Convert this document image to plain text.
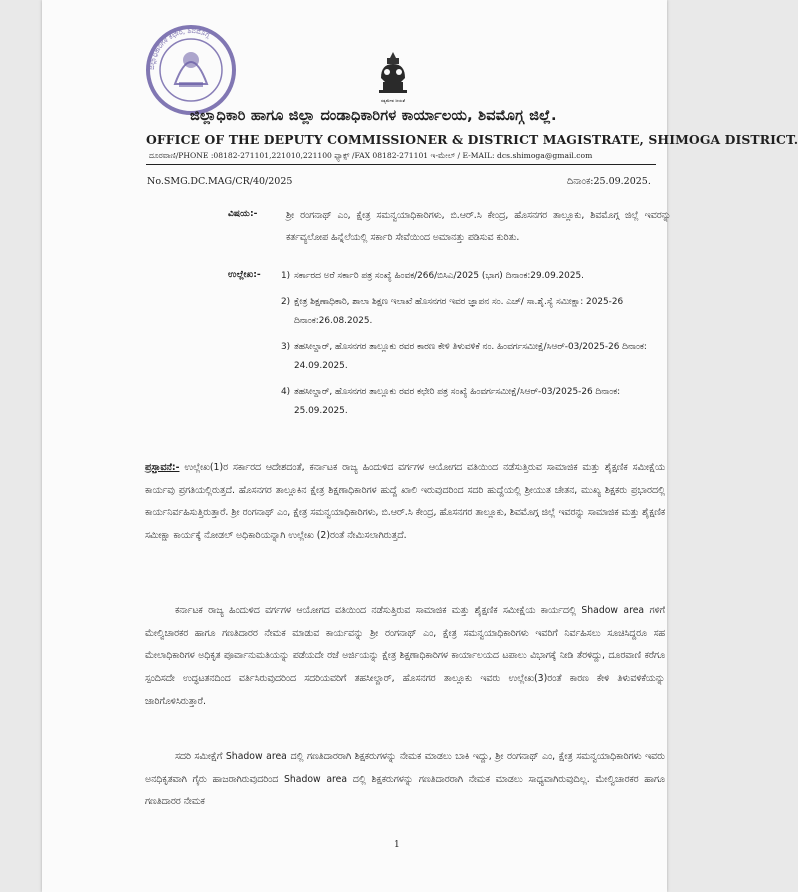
ಜಿಲ್ಲಾಧಿಕಾರಿಗಳ ಕಛೇರಿ, ಶಿವಮೊಗ್ಗ
ಸತ್ಯಮೇವ ಜಯತೆ
ಜಿಲ್ಲಾಧಿಕಾರಿ ಹಾಗೂ ಜಿಲ್ಲಾ ದಂಡಾಧಿಕಾರಿಗಳ ಕಾರ್ಯಾಲಯ, ಶಿವಮೊಗ್ಗ ಜಿಲ್ಲೆ.
OFFICE OF THE DEPUTY COMMISSIONER & DISTRICT MAGISTRATE, SHIMOGA DISTRICT.
ದೂರವಾಣಿ/PHONE :08182-271101,221010,221100 ಫ್ಯಾಕ್ಸ್ /FAX 08182-271101 ಇ-ಮೇಲ್ / E-MAIL: dcs.shimoga@gmail.com
No.SMG.DC.MAG/CR/40/2025	ದಿನಾಂಕ:25.09.2025.
ವಿಷಯ:-	ಶ್ರೀ ರಂಗನಾಥ್ ಎಂ, ಕ್ಷೇತ್ರ ಸಮನ್ವಯಾಧಿಕಾರಿಗಳು, ಬಿ.ಆರ್.ಸಿ ಕೇಂದ್ರ, ಹೊಸನಗರ ತಾಲ್ಲೂಕು, ಶಿವಮೊಗ್ಗ ಜಿಲ್ಲೆ ಇವರನ್ನು ಕರ್ತವ್ಯಲೋಪ ಹಿನ್ನೆಲೆಯಲ್ಲಿ ಸರ್ಕಾರಿ ಸೇವೆಯಿಂದ ಅಮಾನತ್ತು ಪಡಿಸುವ ಕುರಿತು.
ಉಲ್ಲೇಖ:- 1) ಸರ್ಕಾರದ ಅರೆ ಸರ್ಕಾರಿ ಪತ್ರ ಸಂಖ್ಯೆ ಹಿಂವಕ/266/ಬಿಸಿಎ/2025 (ಭಾಗ) ದಿನಾಂಕ:29.09.2025.
2) ಕ್ಷೇತ್ರ ಶಿಕ್ಷಣಾಧಿಕಾರಿ, ಶಾಲಾ ಶಿಕ್ಷಣ ಇಲಾಖೆ ಹೊಸನಗರ ಇವರ ಜ್ಞಾಪನ ಸಂ. ಎಚ್/ ಸಾ.ಶೈ.ಸ್ಯೆ ಸಮೀಕ್ಷಾ: 2025-26 ದಿನಾಂಕ:26.08.2025.
3) ತಹಸೀಲ್ದಾರ್, ಹೊಸನಗರ ತಾಲ್ಲೂಕು ರವರ ಕಾರಣ ಕೇಳಿ ತಿಳುವಳಿಕೆ ನಂ. ಹಿಂವರ್ಗಸಮೀಕ್ಷೆ/ಸಿಆರ್-03/2025-26 ದಿನಾಂಕ: 24.09.2025.
4) ತಹಸೀಲ್ದಾರ್, ಹೊಸನಗರ ತಾಲ್ಲೂಕು ರವರ ಕಛೇರಿ ಪತ್ರ ಸಂಖ್ಯೆ ಹಿಂವರ್ಗಸಮೀಕ್ಷೆ/ಸಿಆರ್-03/2025-26 ದಿನಾಂಕ: 25.09.2025.
ಪ್ರಸ್ತಾವನೆ:- ಉಲ್ಲೇಖ(1)ರ ಸರ್ಕಾರದ ಆದೇಶದಂತೆ, ಕರ್ನಾಟಕ ರಾಜ್ಯ ಹಿಂದುಳಿದ ವರ್ಗಗಳ ಆಯೋಗದ ವತಿಯಿಂದ ನಡೆಸುತ್ತಿರುವ ಸಾಮಾಜಿಕ ಮತ್ತು ಶೈಕ್ಷಣಿಕ ಸಮೀಕ್ಷೆಯ ಕಾರ್ಯವು ಪ್ರಗತಿಯಲ್ಲಿರುತ್ತದೆ. ಹೊಸನಗರ ತಾಲ್ಲೂಕಿನ ಕ್ಷೇತ್ರ ಶಿಕ್ಷಣಾಧಿಕಾರಿಗಳ ಹುದ್ದೆ ಖಾಲಿ ಇರುವುದರಿಂದ ಸದರಿ ಹುದ್ದೆಯಲ್ಲಿ ಶ್ರೀಯುತ ಚೇತನ, ಮುಖ್ಯ ಶಿಕ್ಷಕರು ಪ್ರಭಾರದಲ್ಲಿ ಕಾರ್ಯನಿರ್ವಹಿಸುತ್ತಿರುತ್ತಾರೆ. ಶ್ರೀ ರಂಗನಾಥ್ ಎಂ, ಕ್ಷೇತ್ರ ಸಮನ್ವಯಾಧಿಕಾರಿಗಳು, ಬಿ.ಆರ್.ಸಿ ಕೇಂದ್ರ, ಹೊಸನಗರ ತಾಲ್ಲೂಕು, ಶಿವಮೊಗ್ಗ ಜಿಲ್ಲೆ ಇವರನ್ನು ಸಾಮಾಜಿಕ ಮತ್ತು ಶೈಕ್ಷಣಿಕ ಸಮೀಕ್ಷಾ ಕಾರ್ಯಕ್ಕೆ ನೋಡಲ್ ಅಧಿಕಾರಿಯನ್ನಾಗಿ ಉಲ್ಲೇಖ (2)ರಂತೆ ನೇಮಿಸಲಾಗಿರುತ್ತದೆ.
ಕರ್ನಾಟಕ ರಾಜ್ಯ ಹಿಂದುಳಿದ ವರ್ಗಗಳ ಆಯೋಗದ ವತಿಯಿಂದ ನಡೆಸುತ್ತಿರುವ ಸಾಮಾಜಿಕ ಮತ್ತು ಶೈಕ್ಷಣಿಕ ಸಮೀಕ್ಷೆಯ ಕಾರ್ಯದಲ್ಲಿ Shadow area ಗಳಿಗೆ ಮೇಲ್ವಿಚಾರಕರ ಹಾಗೂ ಗಣತಿದಾರರ ನೇಮಕ ಮಾಡುವ ಕಾರ್ಯವನ್ನು ಶ್ರೀ ರಂಗನಾಥ್ ಎಂ, ಕ್ಷೇತ್ರ ಸಮನ್ವಯಾಧಿಕಾರಿಗಳು ಇವರಿಗೆ ನಿರ್ವಹಿಸಲು ಸೂಚಿಸಿದ್ದರೂ ಸಹ ಮೇಲಾಧಿಕಾರಿಗಳ ಅಧಿಕೃತ ಪೂರ್ವಾನುಮತಿಯನ್ನು ಪಡೆಯದೇ ರಜೆ ಅರ್ಜಿಯನ್ನು ಕ್ಷೇತ್ರ ಶಿಕ್ಷಣಾಧಿಕಾರಿಗಳ ಕಾರ್ಯಾಲಯದ ಟಪಾಲು ವಿಭಾಗಕ್ಕೆ ನೀಡಿ ತೆರಳಿದ್ದು, ದೂರವಾಣಿ ಕರೆಗೂ ಸ್ಪಂದಿಸದೇ ಉದ್ಧಟತನದಿಂದ ವರ್ತಿಸಿರುವುದರಿಂದ ಸದರಿಯವರಿಗೆ ತಹಸೀಲ್ದಾರ್, ಹೊಸನಗರ ತಾಲ್ಲೂಕು ಇವರು ಉಲ್ಲೇಖ(3)ರಂತೆ ಕಾರಣ ಕೇಳಿ ತಿಳುವಳಿಕೆಯನ್ನು ಜಾರಿಗೊಳಿಸಿರುತ್ತಾರೆ.
ಸದರಿ ಸಮೀಕ್ಷೆಗೆ Shadow area ದಲ್ಲಿ ಗಣತಿದಾರರಾಗಿ ಶಿಕ್ಷಕರುಗಳನ್ನು ನೇಮಕ ಮಾಡಲು ಬಾಕಿ ಇದ್ದು, ಶ್ರೀ ರಂಗನಾಥ್ ಎಂ, ಕ್ಷೇತ್ರ ಸಮನ್ವಯಾಧಿಕಾರಿಗಳು ಇವರು ಅನಧಿಕೃತವಾಗಿ ಗೈರು ಹಾಜರಾಗಿರುವುದರಿಂದ Shadow area ದಲ್ಲಿ ಶಿಕ್ಷಕರುಗಳನ್ನು ಗಣತಿದಾರರಾಗಿ ನೇಮಕ ಮಾಡಲು ಸಾಧ್ಯವಾಗಿರುವುದಿಲ್ಲ. ಮೇಲ್ವಿಚಾರಕರ ಹಾಗೂ ಗಣತಿದಾರರ ನೇಮಕ
1
